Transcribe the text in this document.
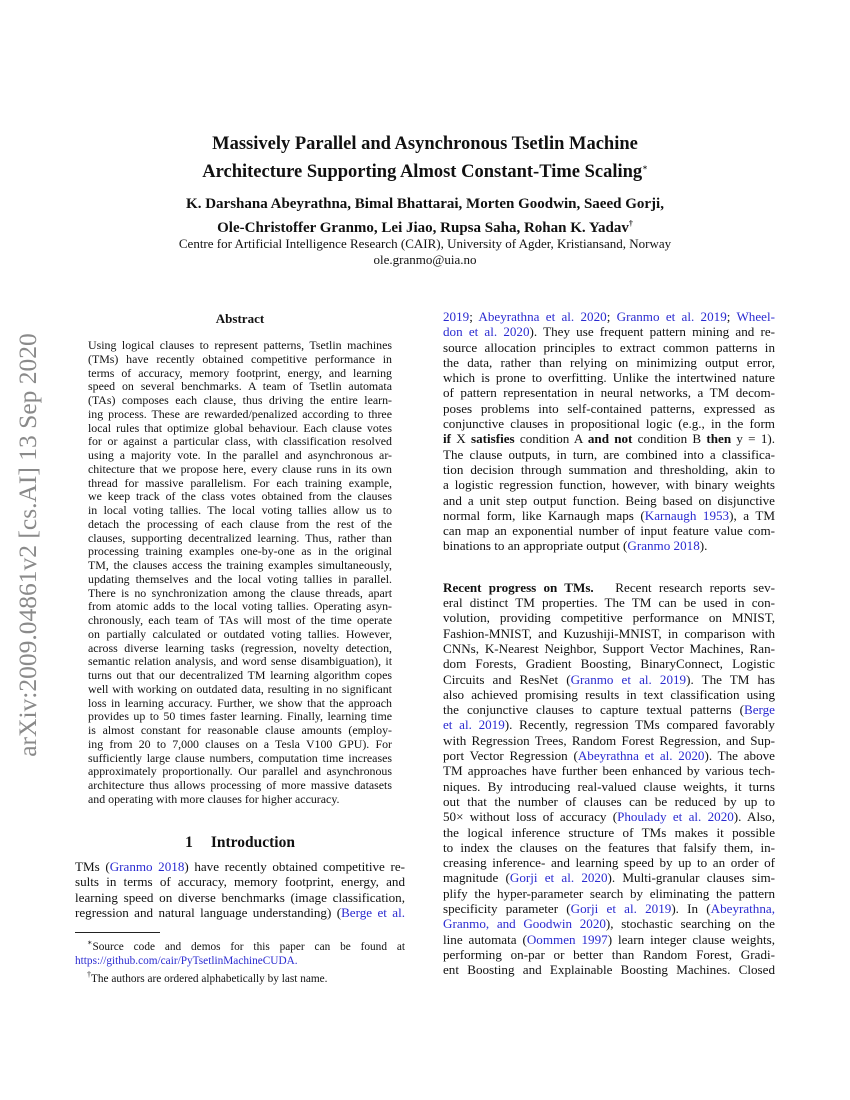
arXiv:2009.04861v2 [cs.AI] 13 Sep 2020
Massively Parallel and Asynchronous Tsetlin Machine
Architecture Supporting Almost Constant-Time Scaling∗
K. Darshana Abeyrathna, Bimal Bhattarai, Morten Goodwin, Saeed Gorji,
Ole-Christoffer Granmo, Lei Jiao, Rupsa Saha, Rohan K. Yadav†
Centre for Artificial Intelligence Research (CAIR), University of Agder, Kristiansand, Norway
ole.granmo@uia.no
Abstract
Using logical clauses to represent patterns, Tsetlin machines
(TMs) have recently obtained competitive performance in
terms of accuracy, memory footprint, energy, and learning
speed on several benchmarks. A team of Tsetlin automata
(TAs) composes each clause, thus driving the entire learn-
ing process. These are rewarded/penalized according to three
local rules that optimize global behaviour. Each clause votes
for or against a particular class, with classification resolved
using a majority vote. In the parallel and asynchronous ar-
chitecture that we propose here, every clause runs in its own
thread for massive parallelism. For each training example,
we keep track of the class votes obtained from the clauses
in local voting tallies. The local voting tallies allow us to
detach the processing of each clause from the rest of the
clauses, supporting decentralized learning. Thus, rather than
processing training examples one-by-one as in the original
TM, the clauses access the training examples simultaneously,
updating themselves and the local voting tallies in parallel.
There is no synchronization among the clause threads, apart
from atomic adds to the local voting tallies. Operating asyn-
chronously, each team of TAs will most of the time operate
on partially calculated or outdated voting tallies. However,
across diverse learning tasks (regression, novelty detection,
semantic relation analysis, and word sense disambiguation), it
turns out that our decentralized TM learning algorithm copes
well with working on outdated data, resulting in no significant
loss in learning accuracy. Further, we show that the approach
provides up to 50 times faster learning. Finally, learning time
is almost constant for reasonable clause amounts (employ-
ing from 20 to 7,000 clauses on a Tesla V100 GPU). For
sufficiently large clause numbers, computation time increases
approximately proportionally. Our parallel and asynchronous
architecture thus allows processing of more massive datasets
and operating with more clauses for higher accuracy.
1 Introduction
TMs (Granmo 2018) have recently obtained competitive re-
sults in terms of accuracy, memory footprint, energy, and
learning speed on diverse benchmarks (image classification,
regression and natural language understanding) (Berge et al.
∗Source code and demos for this paper can be found at
https://github.com/cair/PyTsetlinMachineCUDA.
†The authors are ordered alphabetically by last name.
2019; Abeyrathna et al. 2020; Granmo et al. 2019; Wheel-
don et al. 2020). They use frequent pattern mining and re-
source allocation principles to extract common patterns in
the data, rather than relying on minimizing output error,
which is prone to overfitting. Unlike the intertwined nature
of pattern representation in neural networks, a TM decom-
poses problems into self-contained patterns, expressed as
conjunctive clauses in propositional logic (e.g., in the form
if X satisfies condition A and not condition B then y = 1).
The clause outputs, in turn, are combined into a classifica-
tion decision through summation and thresholding, akin to
a logistic regression function, however, with binary weights
and a unit step output function. Being based on disjunctive
normal form, like Karnaugh maps (Karnaugh 1953), a TM
can map an exponential number of input feature value com-
binations to an appropriate output (Granmo 2018).
Recent progress on TMs.   Recent research reports sev-
eral distinct TM properties. The TM can be used in con-
volution, providing competitive performance on MNIST,
Fashion-MNIST, and Kuzushiji-MNIST, in comparison with
CNNs, K-Nearest Neighbor, Support Vector Machines, Ran-
dom Forests, Gradient Boosting, BinaryConnect, Logistic
Circuits and ResNet (Granmo et al. 2019). The TM has
also achieved promising results in text classification using
the conjunctive clauses to capture textual patterns (Berge
et al. 2019). Recently, regression TMs compared favorably
with Regression Trees, Random Forest Regression, and Sup-
port Vector Regression (Abeyrathna et al. 2020). The above
TM approaches have further been enhanced by various tech-
niques. By introducing real-valued clause weights, it turns
out that the number of clauses can be reduced by up to
50× without loss of accuracy (Phoulady et al. 2020). Also,
the logical inference structure of TMs makes it possible
to index the clauses on the features that falsify them, in-
creasing inference- and learning speed by up to an order of
magnitude (Gorji et al. 2020). Multi-granular clauses sim-
plify the hyper-parameter search by eliminating the pattern
specificity parameter (Gorji et al. 2019). In (Abeyrathna,
Granmo, and Goodwin 2020), stochastic searching on the
line automata (Oommen 1997) learn integer clause weights,
performing on-par or better than Random Forest, Gradi-
ent Boosting and Explainable Boosting Machines. Closed
